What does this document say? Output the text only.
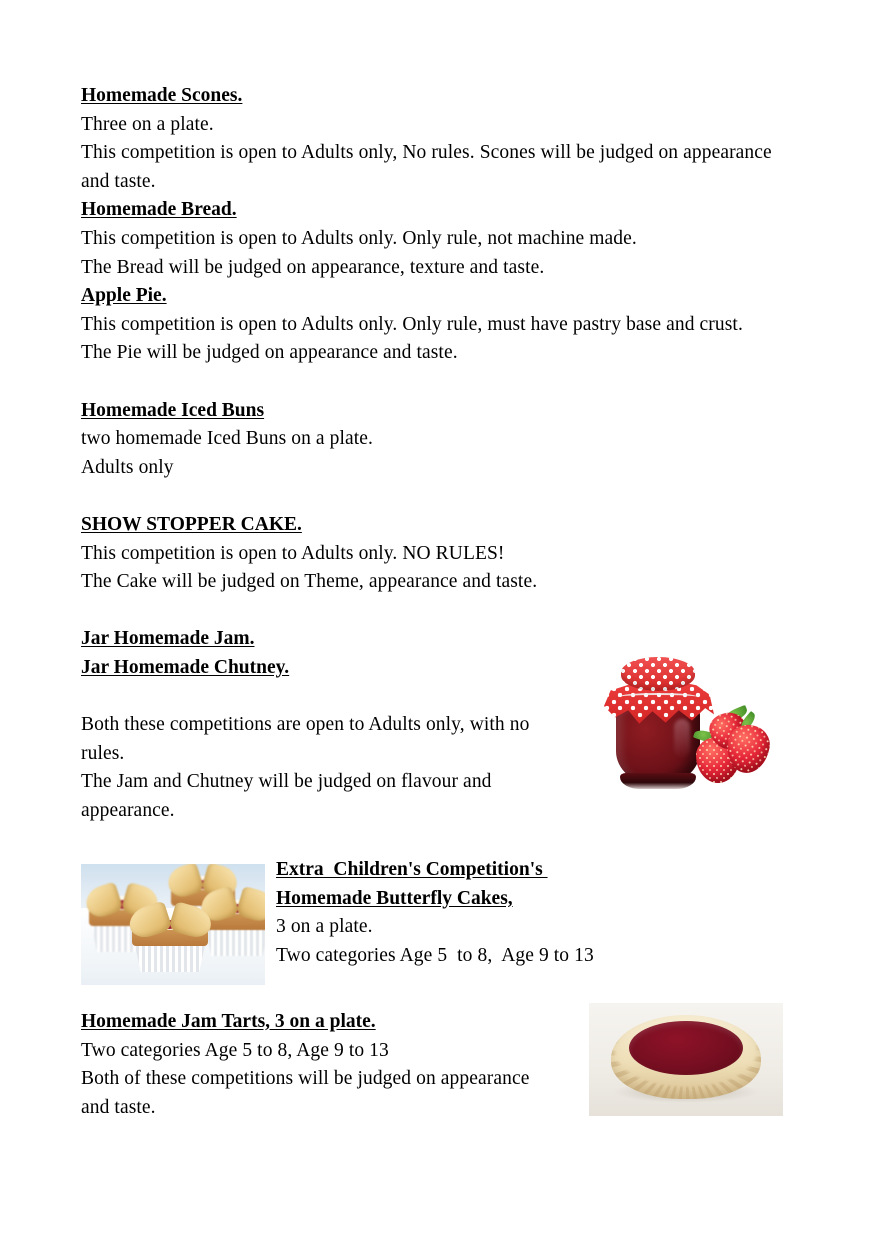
Homemade Scones.
Three on a plate.
This competition is open to Adults only, No rules. Scones will be judged on appearance and taste.
Homemade Bread.
This competition is open to Adults only. Only rule, not machine made.
The Bread will be judged on appearance, texture and taste.
Apple Pie.
This competition is open to Adults only. Only rule, must have pastry base and crust.
The Pie will be judged on appearance and taste.
Homemade Iced Buns
two homemade Iced Buns on a plate.
Adults only
SHOW STOPPER CAKE.
This competition is open to Adults only. NO RULES!
The Cake will be judged on Theme, appearance and taste.
Jar Homemade Jam.
Jar Homemade Chutney.
Both these competitions are open to Adults only, with no rules.
The Jam and Chutney will be judged on flavour and appearance.
Extra  Children's Competition's
Homemade Butterfly Cakes,
3 on a plate.
Two categories Age 5  to 8,  Age 9 to 13
Homemade Jam Tarts, 3 on a plate.
Two categories Age 5 to 8, Age 9 to 13
Both of these competitions will be judged on appearance and taste.
